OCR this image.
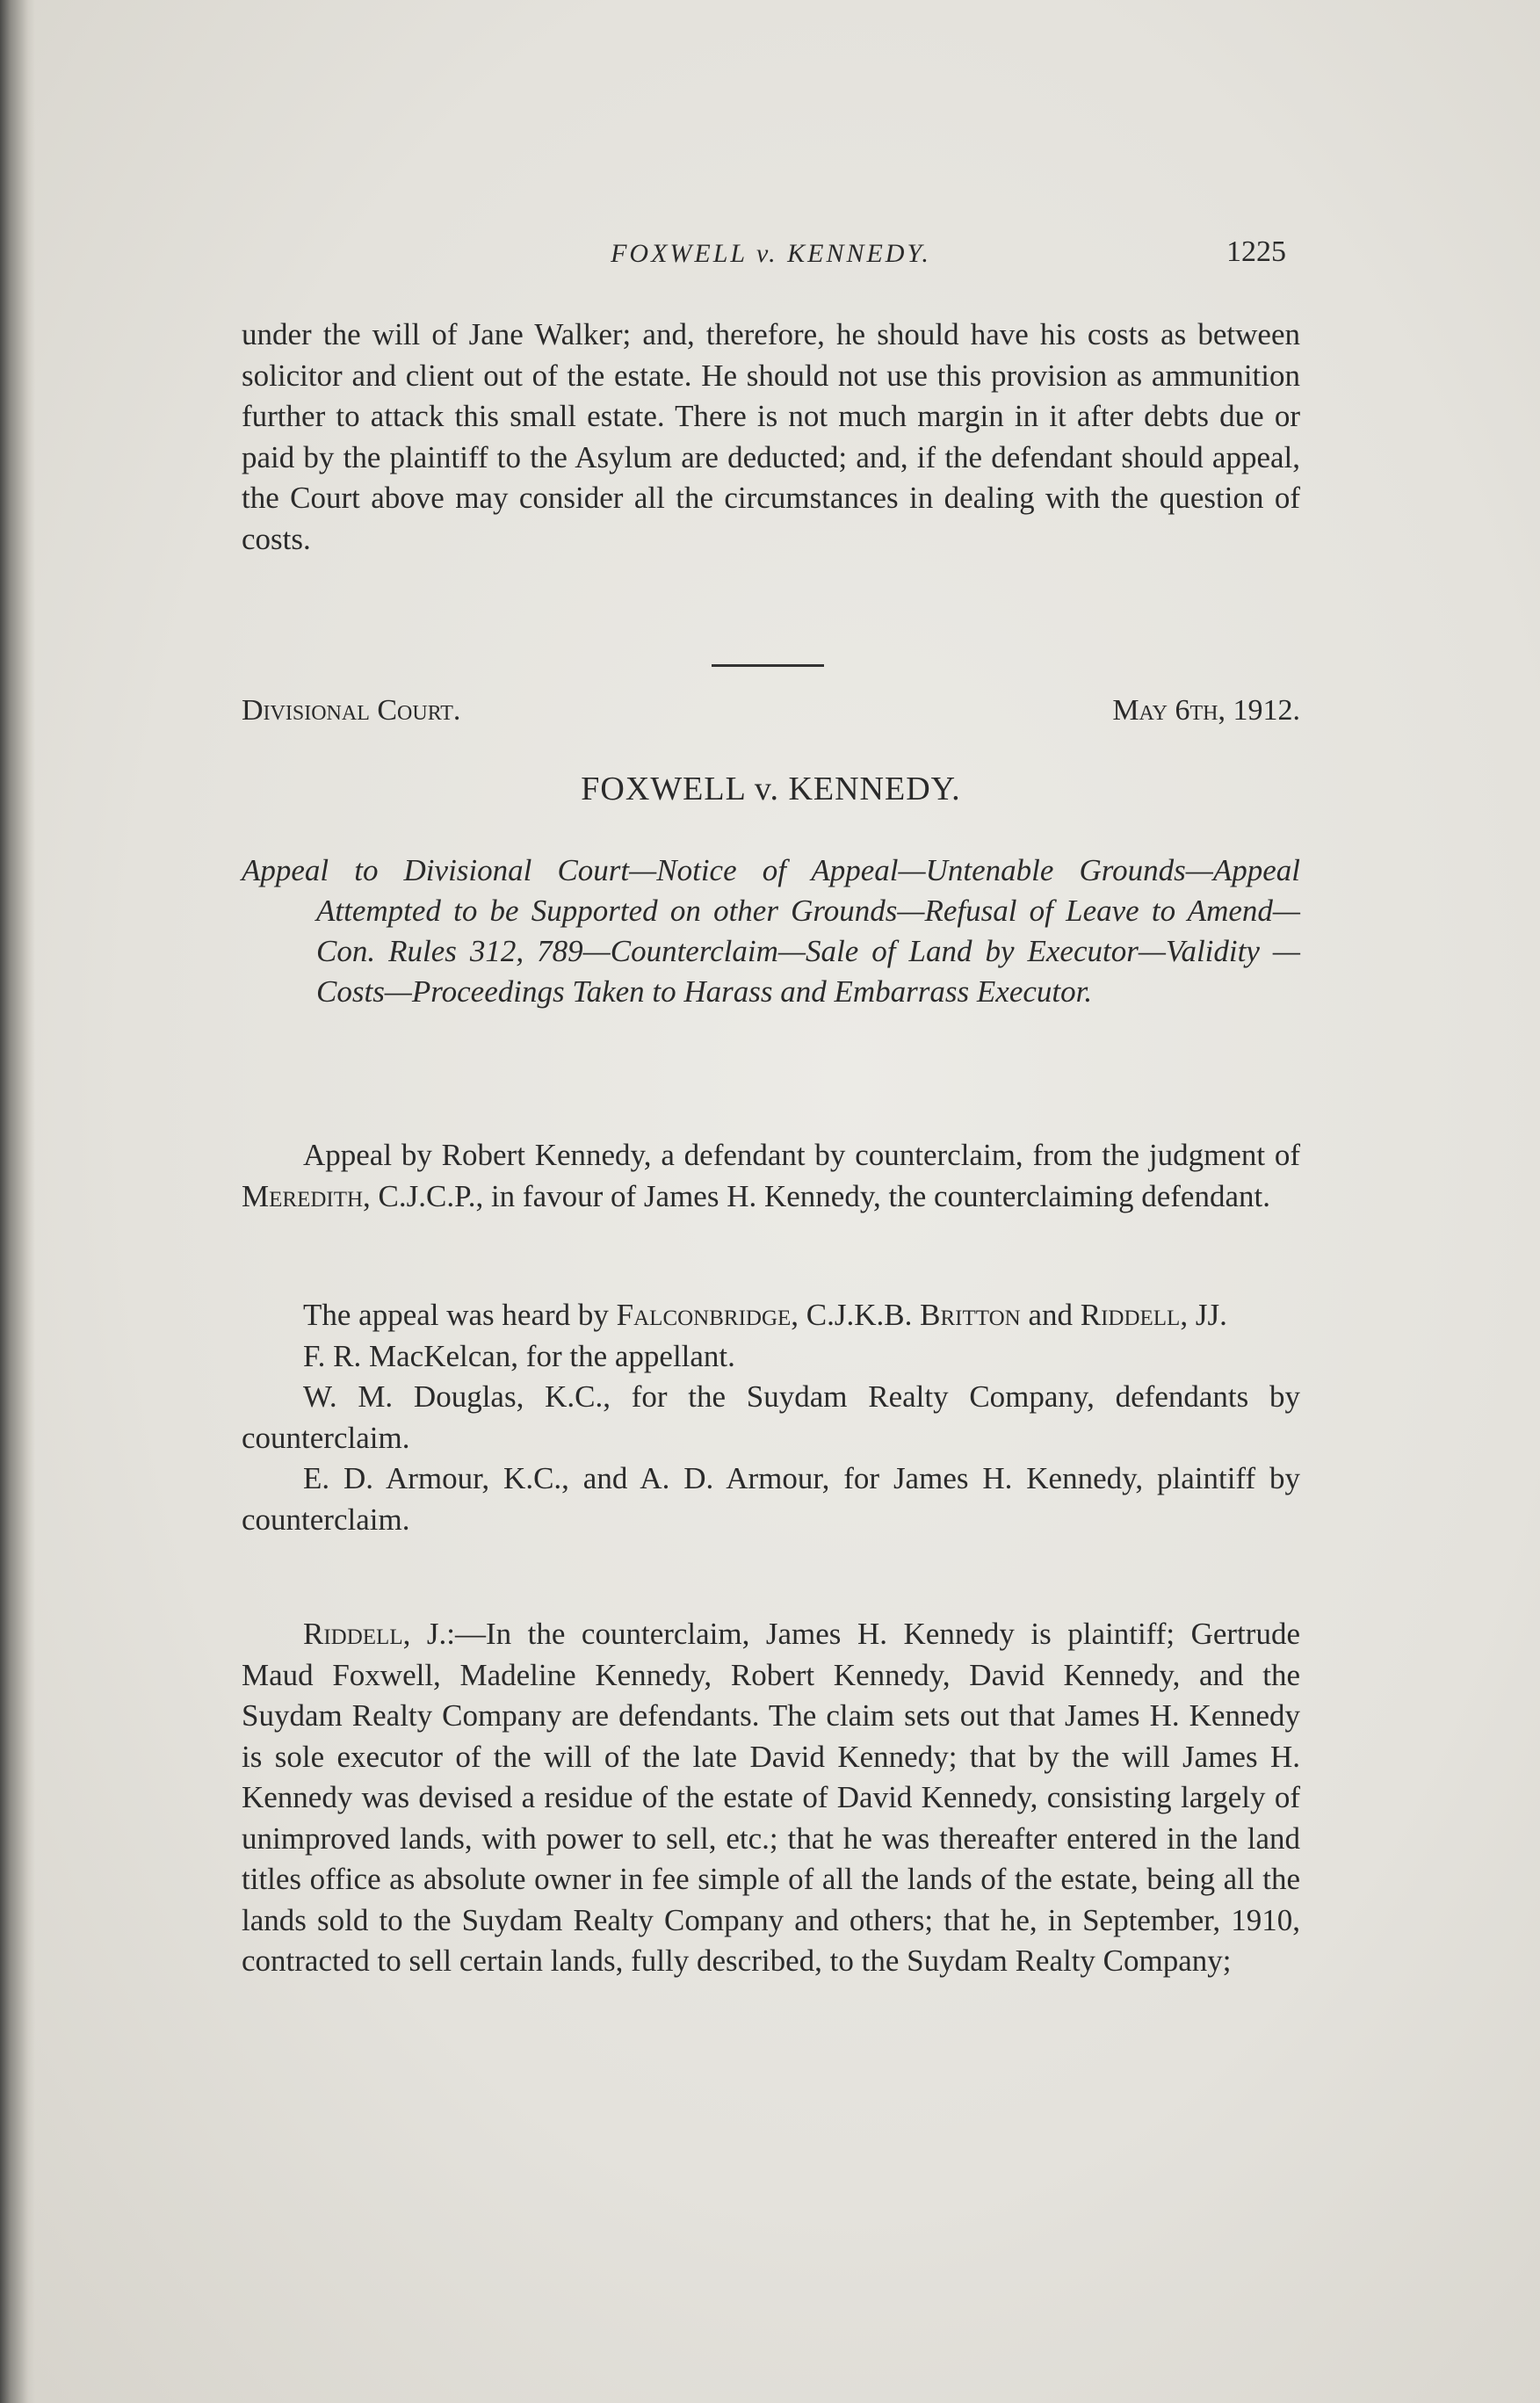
FOXWELL v. KENNEDY.	1225

under the will of Jane Walker; and, therefore, he should have his costs as between solicitor and client out of the estate. He should not use this provision as ammunition further to attack this small estate. There is not much margin in it after debts due or paid by the plaintiff to the Asylum are deducted; and, if the defendant should appeal, the Court above may consider all the circumstances in dealing with the question of costs.

Divisional Court.	May 6th, 1912.
FOXWELL v. KENNEDY.
Appeal to Divisional Court—Notice of Appeal—Untenable Grounds—Appeal Attempted to be Supported on other Grounds—Refusal of Leave to Amend—Con. Rules 312, 789—Counterclaim—Sale of Land by Executor—Validity —Costs—Proceedings Taken to Harass and Embarrass Executor.

Appeal by Robert Kennedy, a defendant by counterclaim, from the judgment of Meredith, C.J.C.P., in favour of James H. Kennedy, the counterclaiming defendant.

The appeal was heard by Falconbridge, C.J.K.B. Britton and Riddell, JJ.

F. R. MacKelcan, for the appellant.

W. M. Douglas, K.C., for the Suydam Realty Company, defendants by counterclaim.

E. D. Armour, K.C., and A. D. Armour, for James H. Kennedy, plaintiff by counterclaim.

Riddell, J.:—In the counterclaim, James H. Kennedy is plaintiff; Gertrude Maud Foxwell, Madeline Kennedy, Robert Kennedy, David Kennedy, and the Suydam Realty Company are defendants. The claim sets out that James H. Kennedy is sole executor of the will of the late David Kennedy; that by the will James H. Kennedy was devised a residue of the estate of David Kennedy, consisting largely of unimproved lands, with power to sell, etc.; that he was thereafter entered in the land titles office as absolute owner in fee simple of all the lands of the estate, being all the lands sold to the Suydam Realty Company and others; that he, in September, 1910, contracted to sell certain lands, fully described, to the Suydam Realty Company;
